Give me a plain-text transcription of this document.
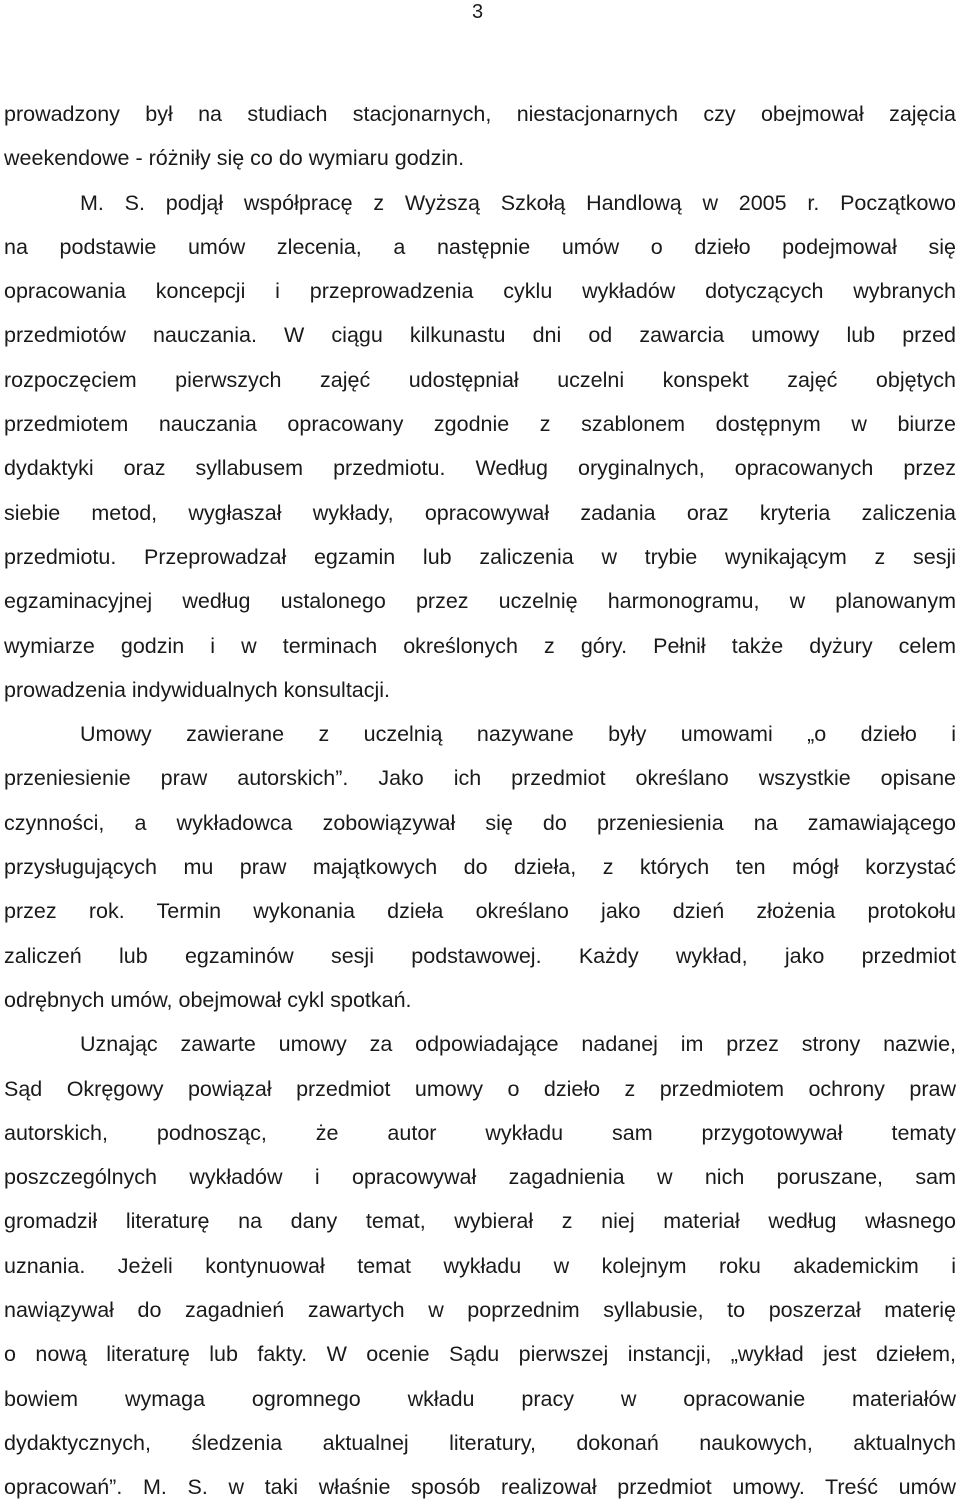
3
prowadzony był na studiach stacjonarnych, niestacjonarnych czy obejmował zajęcia
weekendowe - różniły się co do wymiaru godzin.
M. S. podjął współpracę z Wyższą Szkołą Handlową w 2005 r. Początkowo
na podstawie umów zlecenia, a następnie umów o dzieło podejmował się
opracowania koncepcji i przeprowadzenia cyklu wykładów dotyczących wybranych
przedmiotów nauczania. W ciągu kilkunastu dni od zawarcia umowy lub przed
rozpoczęciem pierwszych zajęć udostępniał uczelni konspekt zajęć objętych
przedmiotem nauczania opracowany zgodnie z szablonem dostępnym w biurze
dydaktyki oraz syllabusem przedmiotu. Według oryginalnych, opracowanych przez
siebie metod, wygłaszał wykłady, opracowywał zadania oraz kryteria zaliczenia
przedmiotu. Przeprowadzał egzamin lub zaliczenia w trybie wynikającym z sesji
egzaminacyjnej według ustalonego przez uczelnię harmonogramu, w planowanym
wymiarze godzin i w terminach określonych z góry. Pełnił także dyżury celem
prowadzenia indywidualnych konsultacji.
Umowy zawierane z uczelnią nazywane były umowami „o dzieło i
przeniesienie praw autorskich”. Jako ich przedmiot określano wszystkie opisane
czynności, a wykładowca zobowiązywał się do przeniesienia na zamawiającego
przysługujących mu praw majątkowych do dzieła, z których ten mógł korzystać
przez rok. Termin wykonania dzieła określano jako dzień złożenia protokołu
zaliczeń lub egzaminów sesji podstawowej. Każdy wykład, jako przedmiot
odrębnych umów, obejmował cykl spotkań.
Uznając zawarte umowy za odpowiadające nadanej im przez strony nazwie,
Sąd Okręgowy powiązał przedmiot umowy o dzieło z przedmiotem ochrony praw
autorskich, podnosząc, że autor wykładu sam przygotowywał tematy
poszczególnych wykładów i opracowywał zagadnienia w nich poruszane, sam
gromadził literaturę na dany temat, wybierał z niej materiał według własnego
uznania. Jeżeli kontynuował temat wykładu w kolejnym roku akademickim i
nawiązywał do zagadnień zawartych w poprzednim syllabusie, to poszerzał materię
o nową literaturę lub fakty. W ocenie Sądu pierwszej instancji, „wykład jest dziełem,
bowiem wymaga ogromnego wkładu pracy w opracowanie materiałów
dydaktycznych, śledzenia aktualnej literatury, dokonań naukowych, aktualnych
opracowań”. M. S. w taki właśnie sposób realizował przedmiot umowy. Treść umów
